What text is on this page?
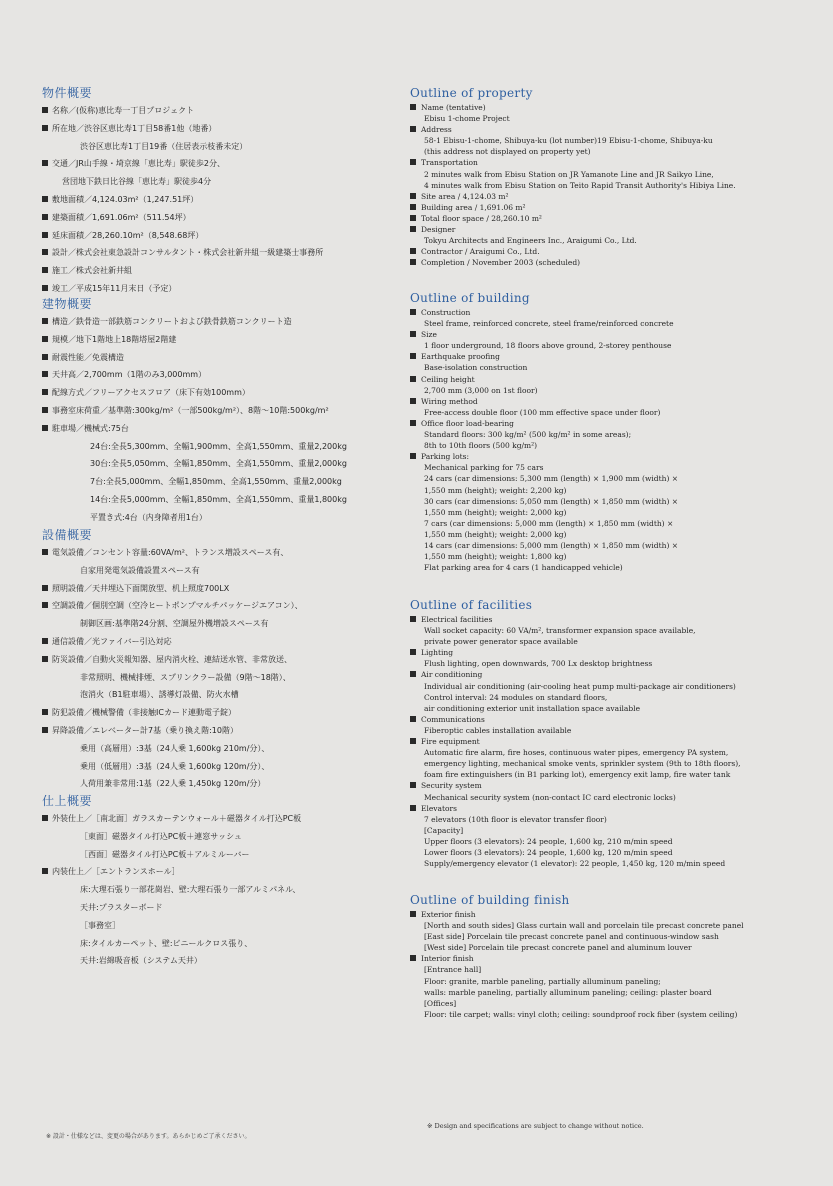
物件概要
名称／(仮称)恵比寿一丁目プロジェクト
所在地／渋谷区恵比寿1丁目58番1他（地番）
渋谷区恵比寿1丁目19番（住居表示枝番未定）
交通／JR山手線・埼京線「恵比寿」駅徒歩2分、
営団地下鉄日比谷線「恵比寿」駅徒歩4分
敷地面積／4,124.03m²（1,247.51坪）
建築面積／1,691.06m²（511.54坪）
延床面積／28,260.10m²（8,548.68坪）
設計／株式会社東急設計コンサルタント・株式会社新井組一級建築士事務所
施工／株式会社新井組
竣工／平成15年11月末日（予定）
建物概要
構造／鉄骨造一部鉄筋コンクリートおよび鉄骨鉄筋コンクリート造
規模／地下1階地上18階塔屋2階建
耐震性能／免震構造
天井高／2,700mm（1階のみ3,000mm）
配線方式／フリーアクセスフロア（床下有効100mm）
事務室床荷重／基準階:300kg/m²（一部500kg/m²）、8階～10階:500kg/m²
駐車場／機械式:75台
24台:全長5,300mm、全幅1,900mm、全高1,550mm、重量2,200kg
30台:全長5,050mm、全幅1,850mm、全高1,550mm、重量2,000kg
7台:全長5,000mm、全幅1,850mm、全高1,550mm、重量2,000kg
14台:全長5,000mm、全幅1,850mm、全高1,550mm、重量1,800kg
平置き式:4台（内身障者用1台）
設備概要
電気設備／コンセント容量:60VA/m²、トランス増設スペース有、
自家用発電気設備設置スペース有
照明設備／天井埋込下面開放型、机上照度700LX
空調設備／個別空調（空冷ヒートポンプマルチパッケージエアコン）、
制御区画:基準階24分割、空調屋外機増設スペース有
通信設備／光ファイバー引込対応
防災設備／自動火災報知器、屋内消火栓、連結送水管、非常放送、
非常照明、機械排煙、スプリンクラー設備（9階～18階）、
泡消火（B1駐車場）、誘導灯設備、防火水槽
防犯設備／機械警備（非接触ICカード連動電子錠）
昇降設備／エレベーター計7基（乗り換え階:10階）
乗用（高層用）:3基（24人乗 1,600kg 210m/分）、
乗用（低層用）:3基（24人乗 1,600kg 120m/分）、
人荷用兼非常用:1基（22人乗 1,450kg 120m/分）
仕上概要
外装仕上／［南北面］ガラスカーテンウォール＋磁器タイル打込PC板
［東面］磁器タイル打込PC板＋連窓サッシュ
［西面］磁器タイル打込PC板＋アルミルーバー
内装仕上／［エントランスホール］
床:大理石張り一部花崗岩、壁:大理石張り一部アルミパネル、
天井:プラスターボード
［事務室］
床:タイルカーペット、壁:ビニールクロス張り、
天井:岩綿吸音板（システム天井）
Outline of property
Name (tentative)
Ebisu 1-chome Project
Address
58-1 Ebisu-1-chome, Shibuya-ku (lot number)19 Ebisu-1-chome, Shibuya-ku
(this address not displayed on property yet)
Transportation
2 minutes walk from Ebisu Station on JR Yamanote Line and JR Saikyo Line,
4 minutes walk from Ebisu Station on Teito Rapid Transit Authority's Hibiya Line.
Site area / 4,124.03 m²
Building area / 1,691.06 m²
Total floor space / 28,260.10 m²
Designer
Tokyu Architects and Engineers Inc., Araigumi Co., Ltd.
Contractor / Araigumi Co., Ltd.
Completion / November 2003 (scheduled)
Outline of building
Construction
Steel frame, reinforced concrete, steel frame/reinforced concrete
Size
1 floor underground, 18 floors above ground, 2-storey penthouse
Earthquake proofing
Base-isolation construction
Ceiling height
2,700 mm (3,000 on 1st floor)
Wiring method
Free-access double floor (100 mm effective space under floor)
Office floor load-bearing
Standard floors: 300 kg/m² (500 kg/m² in some areas);
8th to 10th floors (500 kg/m²)
Parking lots:
Mechanical parking for 75 cars
24 cars (car dimensions: 5,300 mm (length) × 1,900 mm (width) ×
1,550 mm (height); weight: 2,200 kg)
30 cars (car dimensions: 5,050 mm (length) × 1,850 mm (width) ×
1,550 mm (height); weight: 2,000 kg)
7 cars (car dimensions: 5,000 mm (length) × 1,850 mm (width) ×
1,550 mm (height); weight: 2,000 kg)
14 cars (car dimensions: 5,000 mm (length) × 1,850 mm (width) ×
1,550 mm (height); weight: 1,800 kg)
Flat parking area for 4 cars (1 handicapped vehicle)
Outline of facilities
Electrical facilities
Wall socket capacity: 60 VA/m², transformer expansion space available,
private power generator space available
Lighting
Flush lighting, open downwards, 700 Lx desktop brightness
Air conditioning
Individual air conditioning (air-cooling heat pump multi-package air conditioners)
Control interval: 24 modules on standard floors,
air conditioning exterior unit installation space available
Communications
Fiberoptic cables installation available
Fire equipment
Automatic fire alarm, fire hoses, continuous water pipes, emergency PA system,
emergency lighting, mechanical smoke vents, sprinkler system (9th to 18th floors),
foam fire extinguishers (in B1 parking lot), emergency exit lamp, fire water tank
Security system
Mechanical security system (non-contact IC card electronic locks)
Elevators
7 elevators (10th floor is elevator transfer floor)
[Capacity]
Upper floors (3 elevators): 24 people, 1,600 kg, 210 m/min speed
Lower floors (3 elevators): 24 people, 1,600 kg, 120 m/min speed
Supply/emergency elevator (1 elevator): 22 people, 1,450 kg, 120 m/min speed
Outline of building finish
Exterior finish
[North and south sides] Glass curtain wall and porcelain tile precast concrete panel
[East side] Porcelain tile precast concrete panel and continuous-window sash
[West side] Porcelain tile precast concrete panel and aluminum louver
Interior finish
[Entrance hall]
Floor: granite, marble paneling, partially alluminum paneling;
walls: marble paneling, partially alluminum paneling; ceiling: plaster board
[Offices]
Floor: tile carpet; walls: vinyl cloth; ceiling: soundproof rock fiber (system ceiling)
※ 設計・仕様などは、変更の場合があります。あらかじめご了承ください。
※ Design and specifications are subject to change without notice.
